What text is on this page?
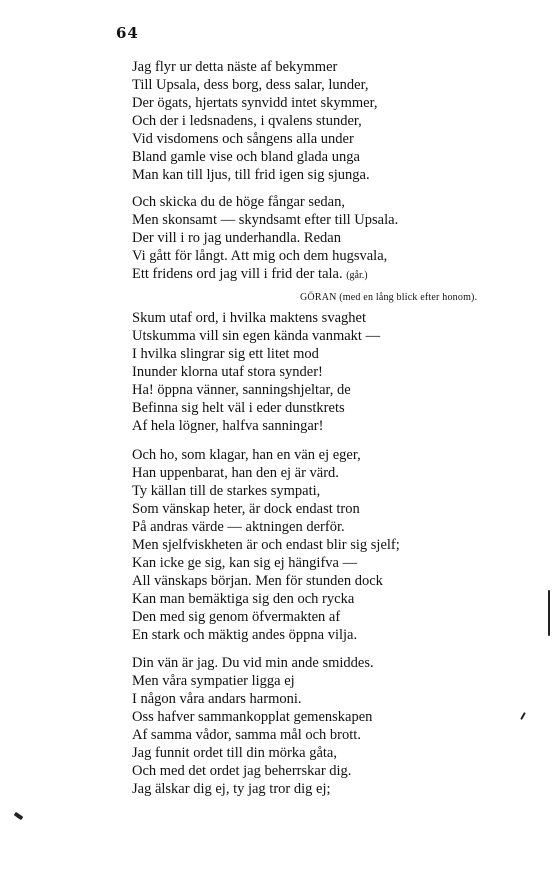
64
Jag flyr ur detta näste af bekymmer
Till Upsala, dess borg, dess salar, lunder,
Der ögats, hjertats synvidd intet skymmer,
Och der i ledsnadens, i qvalens stunder,
Vid visdomens och sångens alla under
Bland gamle vise och bland glada unga
Man kan till ljus, till frid igen sig sjunga.
Och skicka du de höge fångar sedan,
Men skonsamt — skyndsamt efter till Upsala.
Der vill i ro jag underhandla. Redan
Vi gått för långt. Att mig och dem hugsvala,
Ett fridens ord jag vill i frid der tala. (går.)
GÖRAN (med en lång blick efter honom).
Skum utaf ord, i hvilka maktens svaghet
Utskumma vill sin egen kända vanmakt —
I hvilka slingrar sig ett litet mod
Inunder klorna utaf stora synder!
Ha! öppna vänner, sanningshjeltar, de
Befinna sig helt väl i eder dunstkrets
Af hela lögner, halfva sanningar!
Och ho, som klagar, han en vän ej eger,
Han uppenbarat, han den ej är värd.
Ty källan till de starkes sympati,
Som vänskap heter, är dock endast tron
På andras värde — aktningen derför.
Men sjelfviskheten är och endast blir sig sjelf;
Kan icke ge sig, kan sig ej hängifva —
All vänskaps början. Men för stunden dock
Kan man bemäktiga sig den och rycka
Den med sig genom öfvermakten af
En stark och mäktig andes öppna vilja.
Din vän är jag. Du vid min ande smiddes.
Men våra sympatier ligga ej
I någon våra andars harmoni.
Oss hafver sammankopplat gemenskapen
Af samma vådor, samma mål och brott.
Jag funnit ordet till din mörka gåta,
Och med det ordet jag beherrskar dig.
Jag älskar dig ej, ty jag tror dig ej;
